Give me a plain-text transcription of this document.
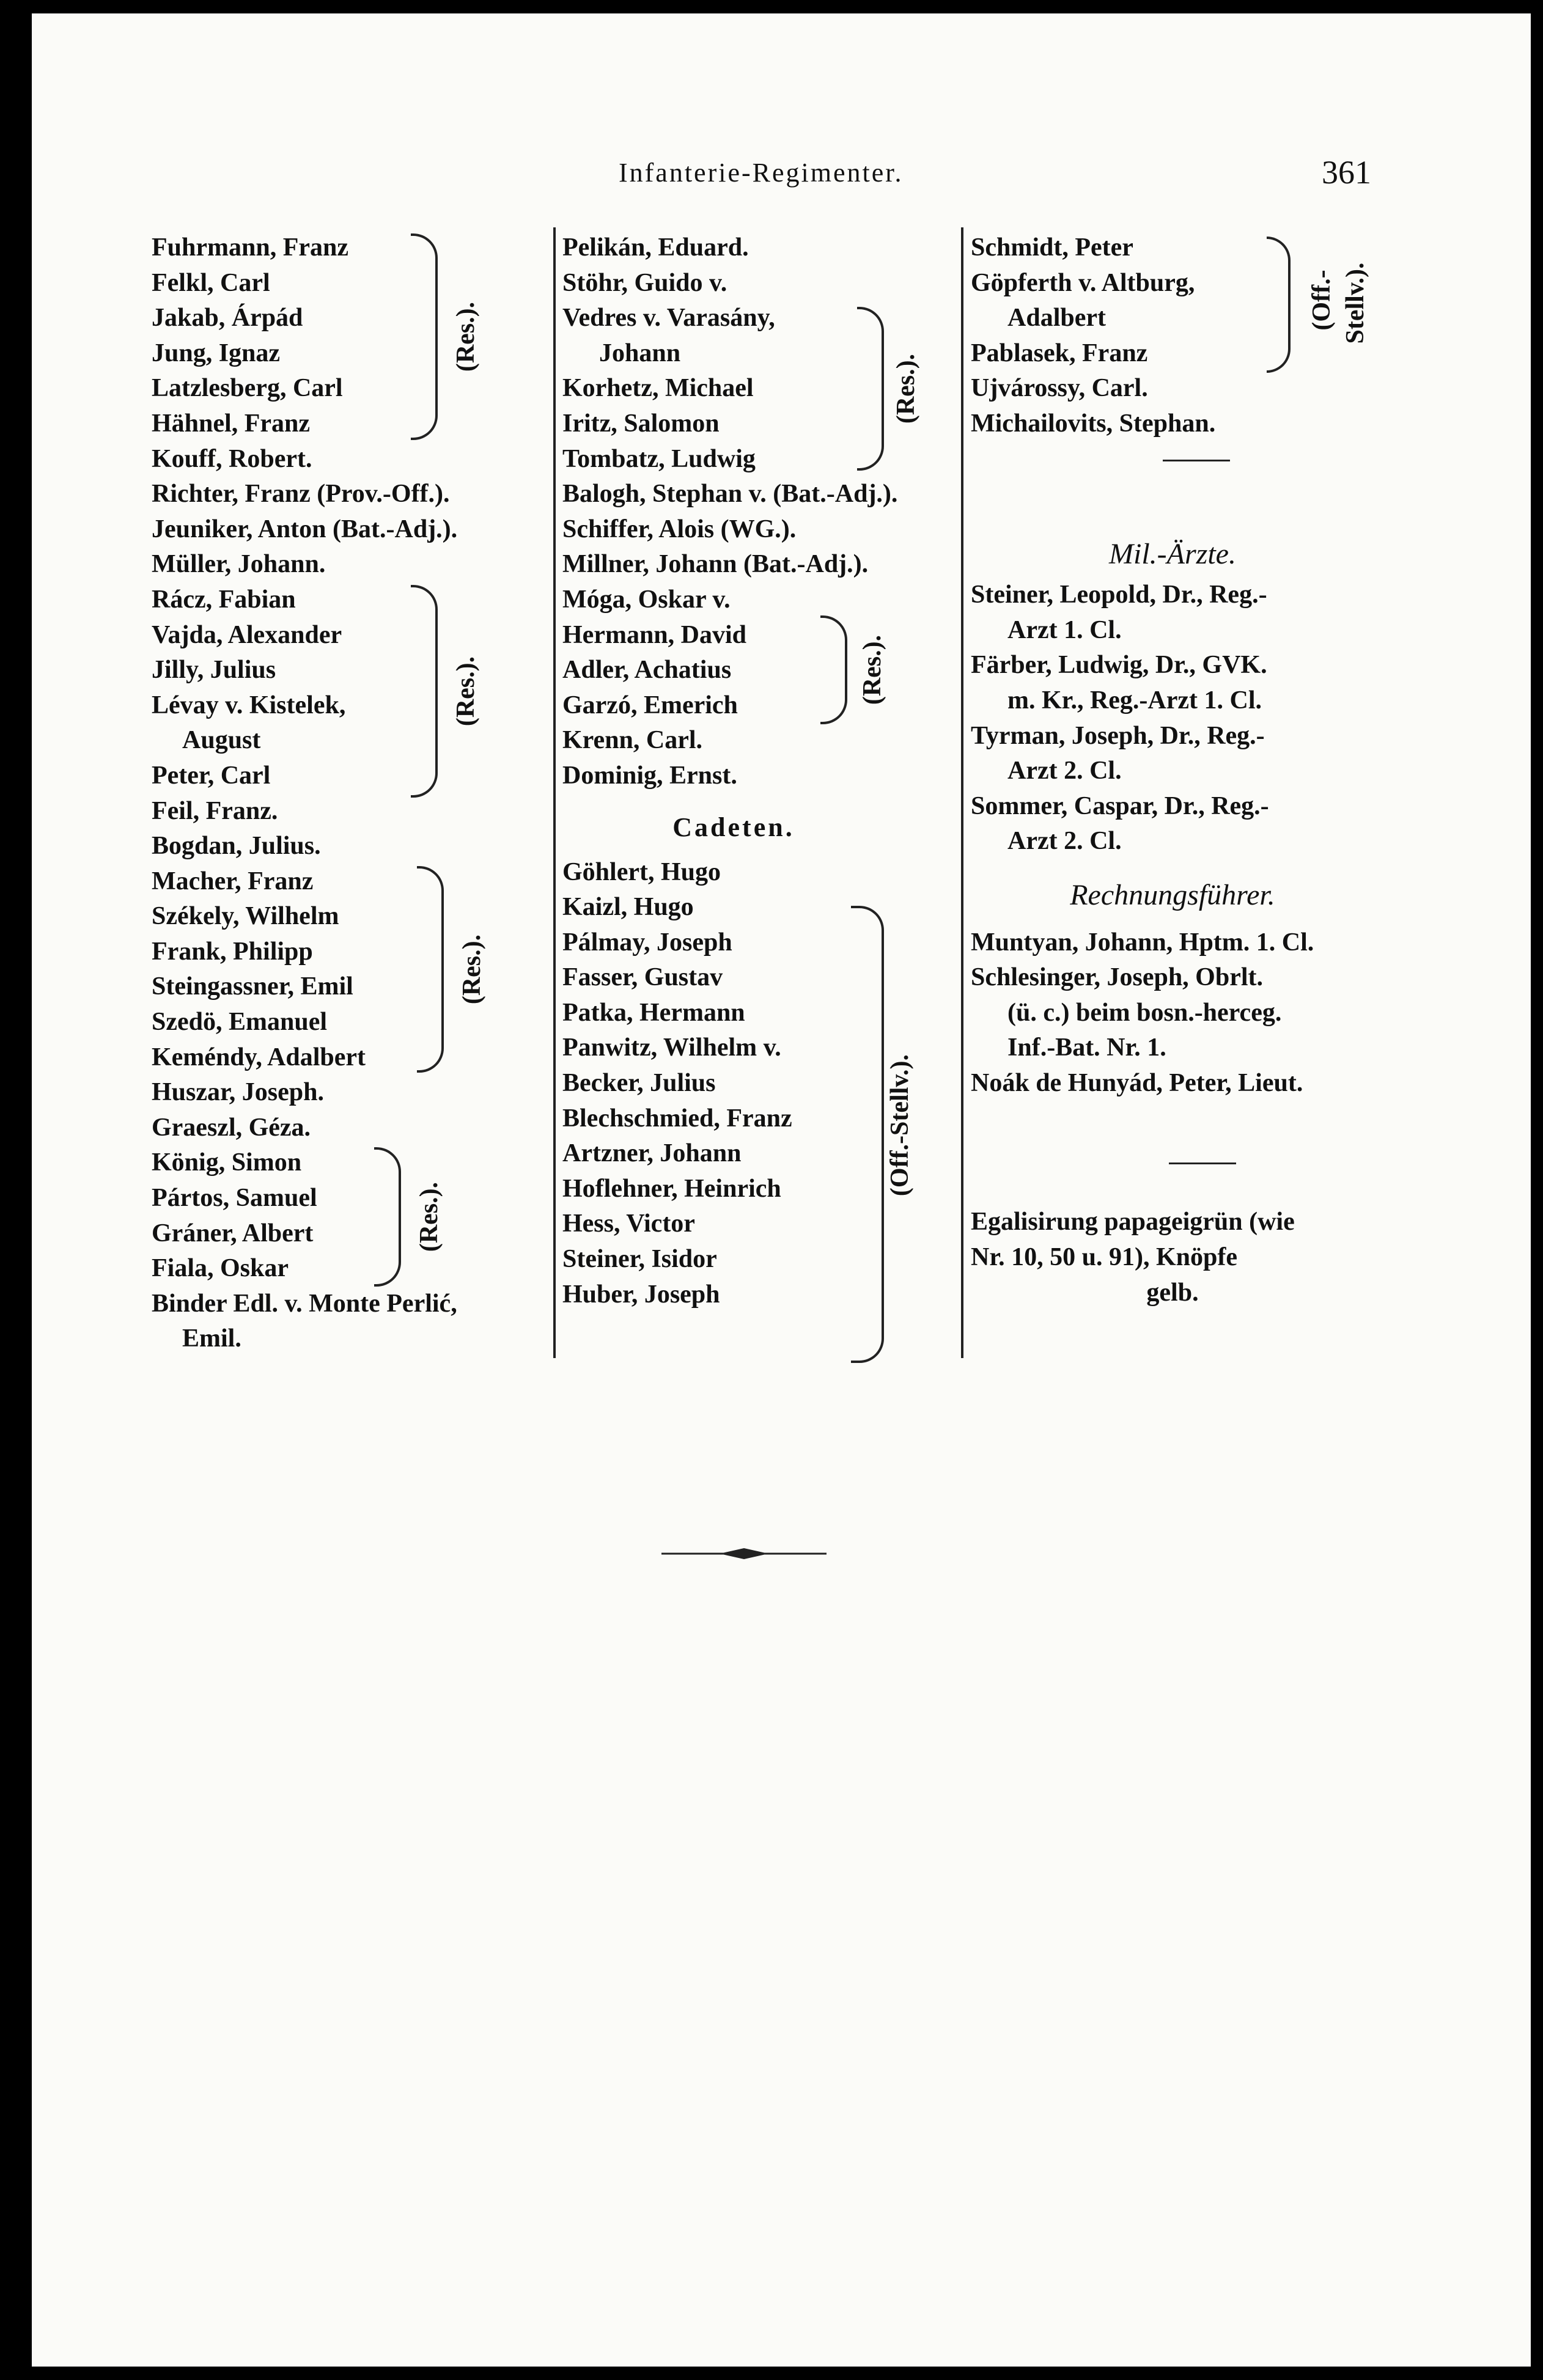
Infanterie-Regimenter.	361
Fuhrmann, Franz
Felkl, Carl
Jakab, Árpád
Jung, Ignaz
Latzlesberg, Carl
Hähnel, Franz
Kouff, Robert.
Richter, Franz (Prov.-Off.).
Jeuniker, Anton (Bat.-Adj.).
Müller, Johann.
Rácz, Fabian
Vajda, Alexander
Jilly, Julius
Lévay v. Kistelek,
August
Peter, Carl
Feil, Franz.
Bogdan, Julius.
Macher, Franz
Székely, Wilhelm
Frank, Philipp
Steingassner, Emil
Szedö, Emanuel
Keméndy, Adalbert
Huszar, Joseph.
Graeszl, Géza.
König, Simon
Pártos, Samuel
Gráner, Albert
Fiala, Oskar
Binder Edl. v. Monte Perlić,
Emil.
(Res.).
(Res.).
(Res.).
(Res.).
Pelikán, Eduard.
Stöhr, Guido v.
Vedres v. Varasány,
Johann
Korhetz, Michael
Iritz, Salomon
Tombatz, Ludwig
Balogh, Stephan v. (Bat.-Adj.).
Schiffer, Alois (WG.).
Millner, Johann (Bat.-Adj.).
Móga, Oskar v.
Hermann, David
Adler, Achatius
Garzó, Emerich
Krenn, Carl.
Dominig, Ernst.
Cadeten.
Göhlert, Hugo
Kaizl, Hugo
Pálmay, Joseph
Fasser, Gustav
Patka, Hermann
Panwitz, Wilhelm v.
Becker, Julius
Blechschmied, Franz
Artzner, Johann
Hoflehner, Heinrich
Hess, Victor
Steiner, Isidor
Huber, Joseph
(Res.).
(Res.).
(Off.-Stellv.).
Schmidt, Peter
Göpferth v. Altburg,
Adalbert
Pablasek, Franz
Ujvárossy, Carl.
Michailovits, Stephan.
Mil.-Ärzte.
Steiner, Leopold, Dr., Reg.-
Arzt 1. Cl.
Färber, Ludwig, Dr., GVK.
m. Kr., Reg.-Arzt 1. Cl.
Tyrman, Joseph, Dr., Reg.-
Arzt 2. Cl.
Sommer, Caspar, Dr., Reg.-
Arzt 2. Cl.
Rechnungsführer.
Muntyan, Johann, Hptm. 1. Cl.
Schlesinger, Joseph, Obrlt.
(ü. c.) beim bosn.-herceg.
Inf.-Bat. Nr. 1.
Noák de Hunyád, Peter, Lieut.
Egalisirung papageigrün (wie
Nr. 10, 50 u. 91), Knöpfe
gelb.
(Off.- Stellv.).
